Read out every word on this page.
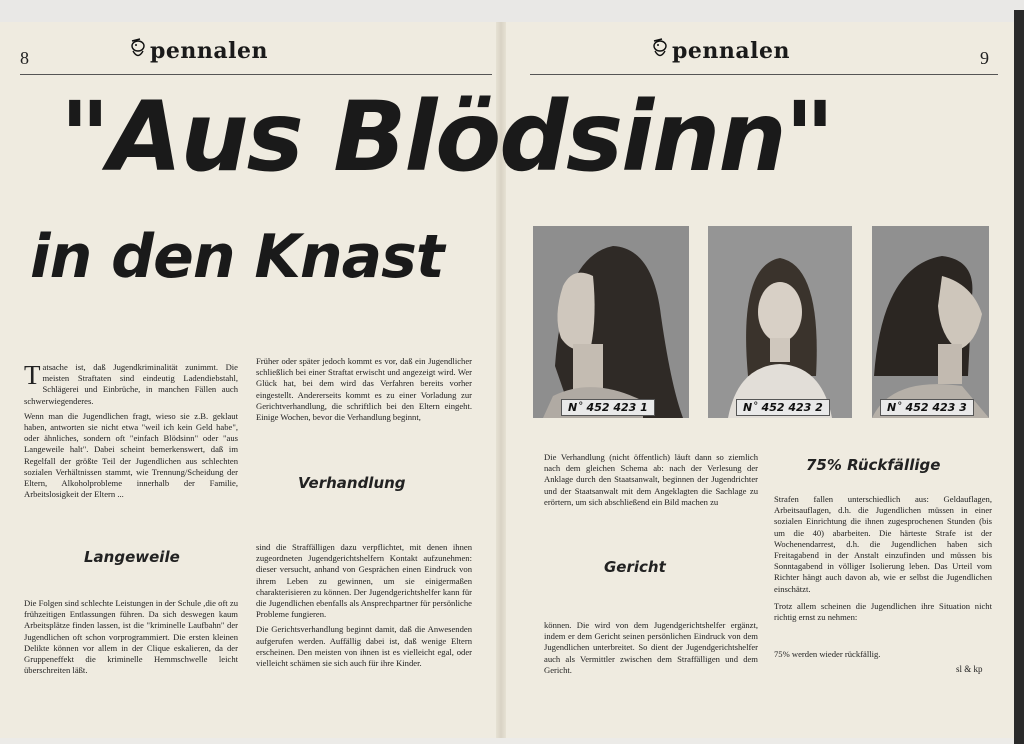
8	pennalen	9
pennalen
"Aus Blödsinn"
in den Knast

Tatsache ist, daß Jugendkriminalität zunimmt. Die meisten Straftaten sind eindeutig Ladendiebstahl, Schlägerei und Einbrüche, in manchen Fällen auch schwerwiegenderes.

Wenn man die Jugendlichen fragt, wieso sie z.B. geklaut haben, antworten sie nicht etwa "weil ich kein Geld habe", oder ähnliches, sondern oft "einfach Blödsinn" oder "aus Langeweile halt". Dabei scheint bemerkenswert, daß im Regelfall der größte Teil der Jugendlichen aus schlechten sozialen Verhältnissen stammt, wie Trennung/Scheidung der Eltern, Alkoholprobleme innerhalb der Familie, Arbeitslosigkeit der Eltern ...

Früher oder später jedoch kommt es vor, daß ein Jugendlicher schließlich bei einer Straftat erwischt und angezeigt wird. Wer Glück hat, bei dem wird das Verfahren bereits vorher eingestellt. Andererseits kommt es zu einer Vorladung zur Gerichtverhandlung, die schriftlich bei den Eltern eingeht. Einige Wochen, bevor die Verhandlung beginnt,
Langeweile
Die Folgen sind schlechte Leistungen in der Schule ,die oft zu frühzeitigen Entlassungen führen. Da sich deswegen kaum Arbeitsplätze finden lassen, ist die "kriminelle Laufbahn" der Jugendlichen oft schon vorprogrammiert. Die ersten kleinen Delikte können vor allem in der Clique eskalieren, da der Gruppeneffekt die kriminelle Hemmschwelle leicht überschreiten läßt.
Verhandlung

sind die Straffälligen dazu verpflichtet, mit denen ihnen zugeordneten Jugendgerichtshelfern Kontakt aufzunehmen: dieser versucht, anhand von Gesprächen einen Eindruck von ihrem Leben zu gewinnen, um sie einigermaßen charakterisieren zu können. Der Jugendgerichtshelfer kann für die Jugendlichen ebenfalls als Ansprechpartner für persönliche Probleme fungieren.

Die Gerichtsverhandlung beginnt damit, daß die Anwesenden aufgerufen werden. Auffällig dabei ist, daß wenige Eltern erscheinen. Den meisten von ihnen ist es vielleicht egal, oder vielleicht schämen sie sich auch für ihre Kinder.

N˚ 452 423 1	N˚ 452 423 2	N˚ 452 423 3
Die Verhandlung (nicht öffentlich) läuft dann so ziemlich nach dem gleichen Schema ab: nach der Verlesung der Anklage durch den Staatsanwalt, beginnen der Jugendrichter und der Staatsanwalt mit dem Angeklagten die Sachlage zu erörtern, um sich abschließend ein Bild machen zu
Gericht
können. Die wird von dem Jugendgerichtshelfer ergänzt, indem er dem Gericht seinen persönlichen Eindruck von dem Jugendlichen unterbreitet. So dient der Jugendgerichtshelfer auch als Vermittler zwischen dem Straffälligen und dem Gericht.
75% Rückfällige

Strafen fallen unterschiedlich aus: Geldauflagen, Arbeitsauflagen, d.h. die Jugendlichen müssen in einer sozialen Einrichtung die ihnen zugesprochenen Stunden (bis um die 40) abarbeiten. Die härteste Strafe ist der Wochenendarrest, d.h. die Jugendlichen haben sich Freitagabend in der Anstalt einzufinden und müssen bis Sonntagabend in völliger Isolierung leben. Das Urteil vom Richter hängt auch davon ab, wie er selbst die Jugendlichen einschätzt.

Trotz allem scheinen die Jugendlichen ihre Situation nicht richtig ernst zu nehmen:

75% werden wieder rückfällig.

sl & kp
